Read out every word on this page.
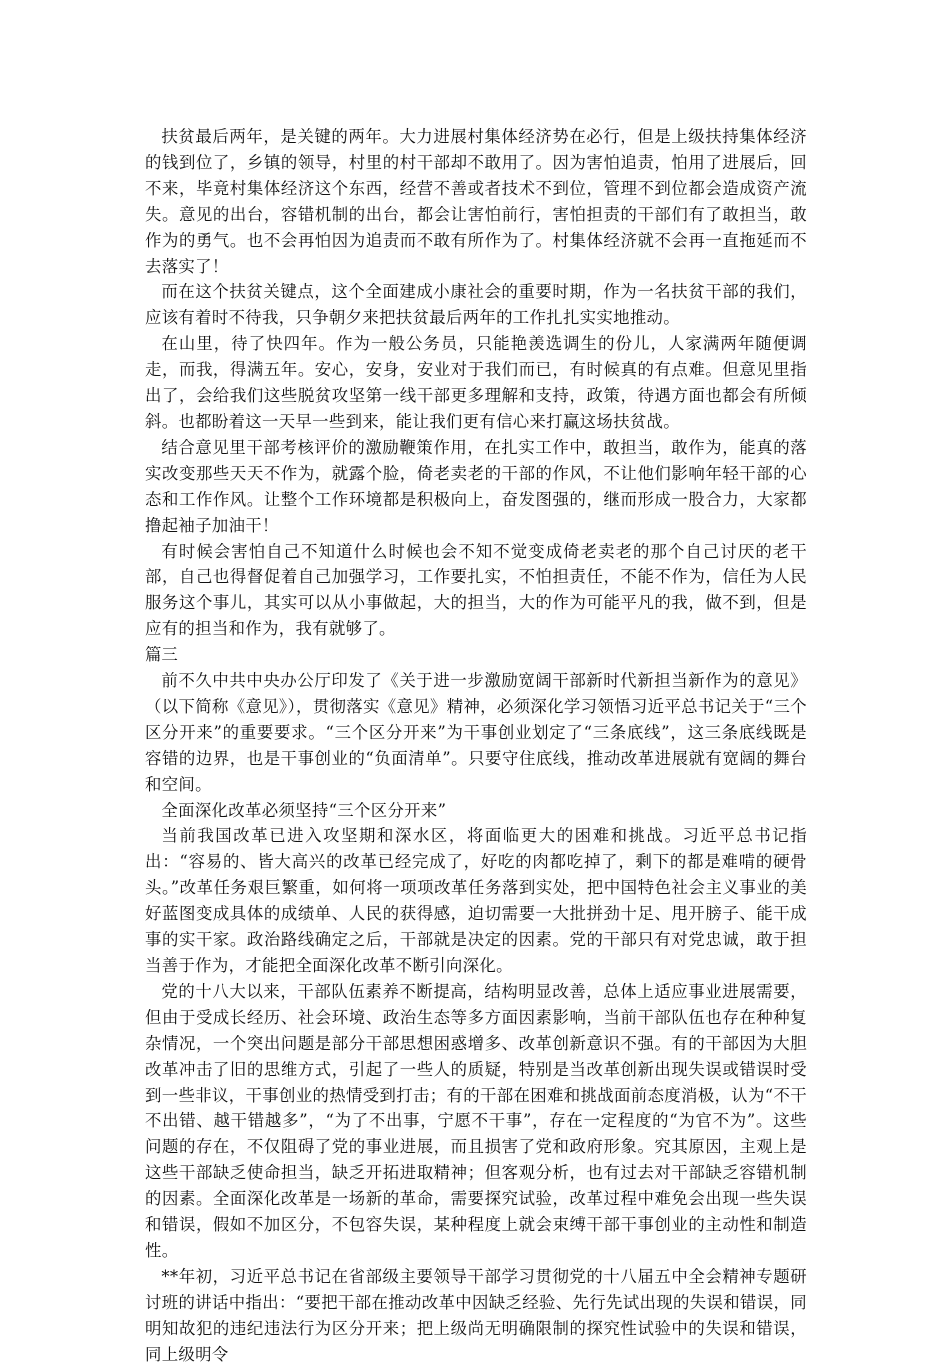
扶贫最后两年，是关键的两年。大力进展村集体经济势在必行，但是上级扶持集体经济的钱到位了，乡镇的领导，村里的村干部却不敢用了。因为害怕追责，怕用了进展后，回不来，毕竟村集体经济这个东西，经营不善或者技术不到位，管理不到位都会造成资产流失。意见的出台，容错机制的出台，都会让害怕前行，害怕担责的干部们有了敢担当，敢作为的勇气。也不会再怕因为追责而不敢有所作为了。村集体经济就不会再一直拖延而不去落实了！

而在这个扶贫关键点，这个全面建成小康社会的重要时期，作为一名扶贫干部的我们，应该有着时不待我，只争朝夕来把扶贫最后两年的工作扎扎实实地推动。

在山里，待了快四年。作为一般公务员，只能艳羡选调生的份儿，人家满两年随便调走，而我，得满五年。安心，安身，安业对于我们而已，有时候真的有点难。但意见里指出了，会给我们这些脱贫攻坚第一线干部更多理解和支持，政策，待遇方面也都会有所倾斜。也都盼着这一天早一些到来，能让我们更有信心来打赢这场扶贫战。

结合意见里干部考核评价的激励鞭策作用，在扎实工作中，敢担当，敢作为，能真的落实改变那些天天不作为，就露个脸，倚老卖老的干部的作风，不让他们影响年轻干部的心态和工作作风。让整个工作环境都是积极向上，奋发图强的，继而形成一股合力，大家都撸起袖子加油干！

有时候会害怕自己不知道什么时候也会不知不觉变成倚老卖老的那个自己讨厌的老干部，自己也得督促着自己加强学习，工作要扎实，不怕担责任，不能不作为，信任为人民服务这个事儿，其实可以从小事做起，大的担当，大的作为可能平凡的我，做不到，但是应有的担当和作为，我有就够了。

篇三

前不久中共中央办公厅印发了《关于进一步激励宽阔干部新时代新担当新作为的意见》（以下简称《意见》），贯彻落实《意见》精神，必须深化学习领悟习近平总书记关于“三个区分开来”的重要要求。“三个区分开来”为干事创业划定了“三条底线”，这三条底线既是容错的边界，也是干事创业的“负面清单”。只要守住底线，推动改革进展就有宽阔的舞台和空间。

全面深化改革必须坚持“三个区分开来”

当前我国改革已进入攻坚期和深水区，将面临更大的困难和挑战。习近平总书记指出：“容易的、皆大高兴的改革已经完成了，好吃的肉都吃掉了，剩下的都是难啃的硬骨头。”改革任务艰巨繁重，如何将一项项改革任务落到实处，把中国特色社会主义事业的美好蓝图变成具体的成绩单、人民的获得感，迫切需要一大批拼劲十足、甩开膀子、能干成事的实干家。政治路线确定之后，干部就是决定的因素。党的干部只有对党忠诚，敢于担当善于作为，才能把全面深化改革不断引向深化。

党的十八大以来，干部队伍素养不断提高，结构明显改善，总体上适应事业进展需要，但由于受成长经历、社会环境、政治生态等多方面因素影响，当前干部队伍也存在种种复杂情况，一个突出问题是部分干部思想困惑增多、改革创新意识不强。有的干部因为大胆改革冲击了旧的思维方式，引起了一些人的质疑，特别是当改革创新出现失误或错误时受到一些非议，干事创业的热情受到打击；有的干部在困难和挑战面前态度消极，认为“不干不出错、越干错越多”，“为了不出事，宁愿不干事”，存在一定程度的“为官不为”。这些问题的存在，不仅阻碍了党的事业进展，而且损害了党和政府形象。究其原因，主观上是这些干部缺乏使命担当，缺乏开拓进取精神；但客观分析，也有过去对干部缺乏容错机制的因素。全面深化改革是一场新的革命，需要探究试验，改革过程中难免会出现一些失误和错误，假如不加区分，不包容失误，某种程度上就会束缚干部干事创业的主动性和制造性。

**年初，习近平总书记在省部级主要领导干部学习贯彻党的十八届五中全会精神专题研讨班的讲话中指出：“要把干部在推动改革中因缺乏经验、先行先试出现的失误和错误，同明知故犯的违纪违法行为区分开来；把上级尚无明确限制的探究性试验中的失误和错误，同上级明令
